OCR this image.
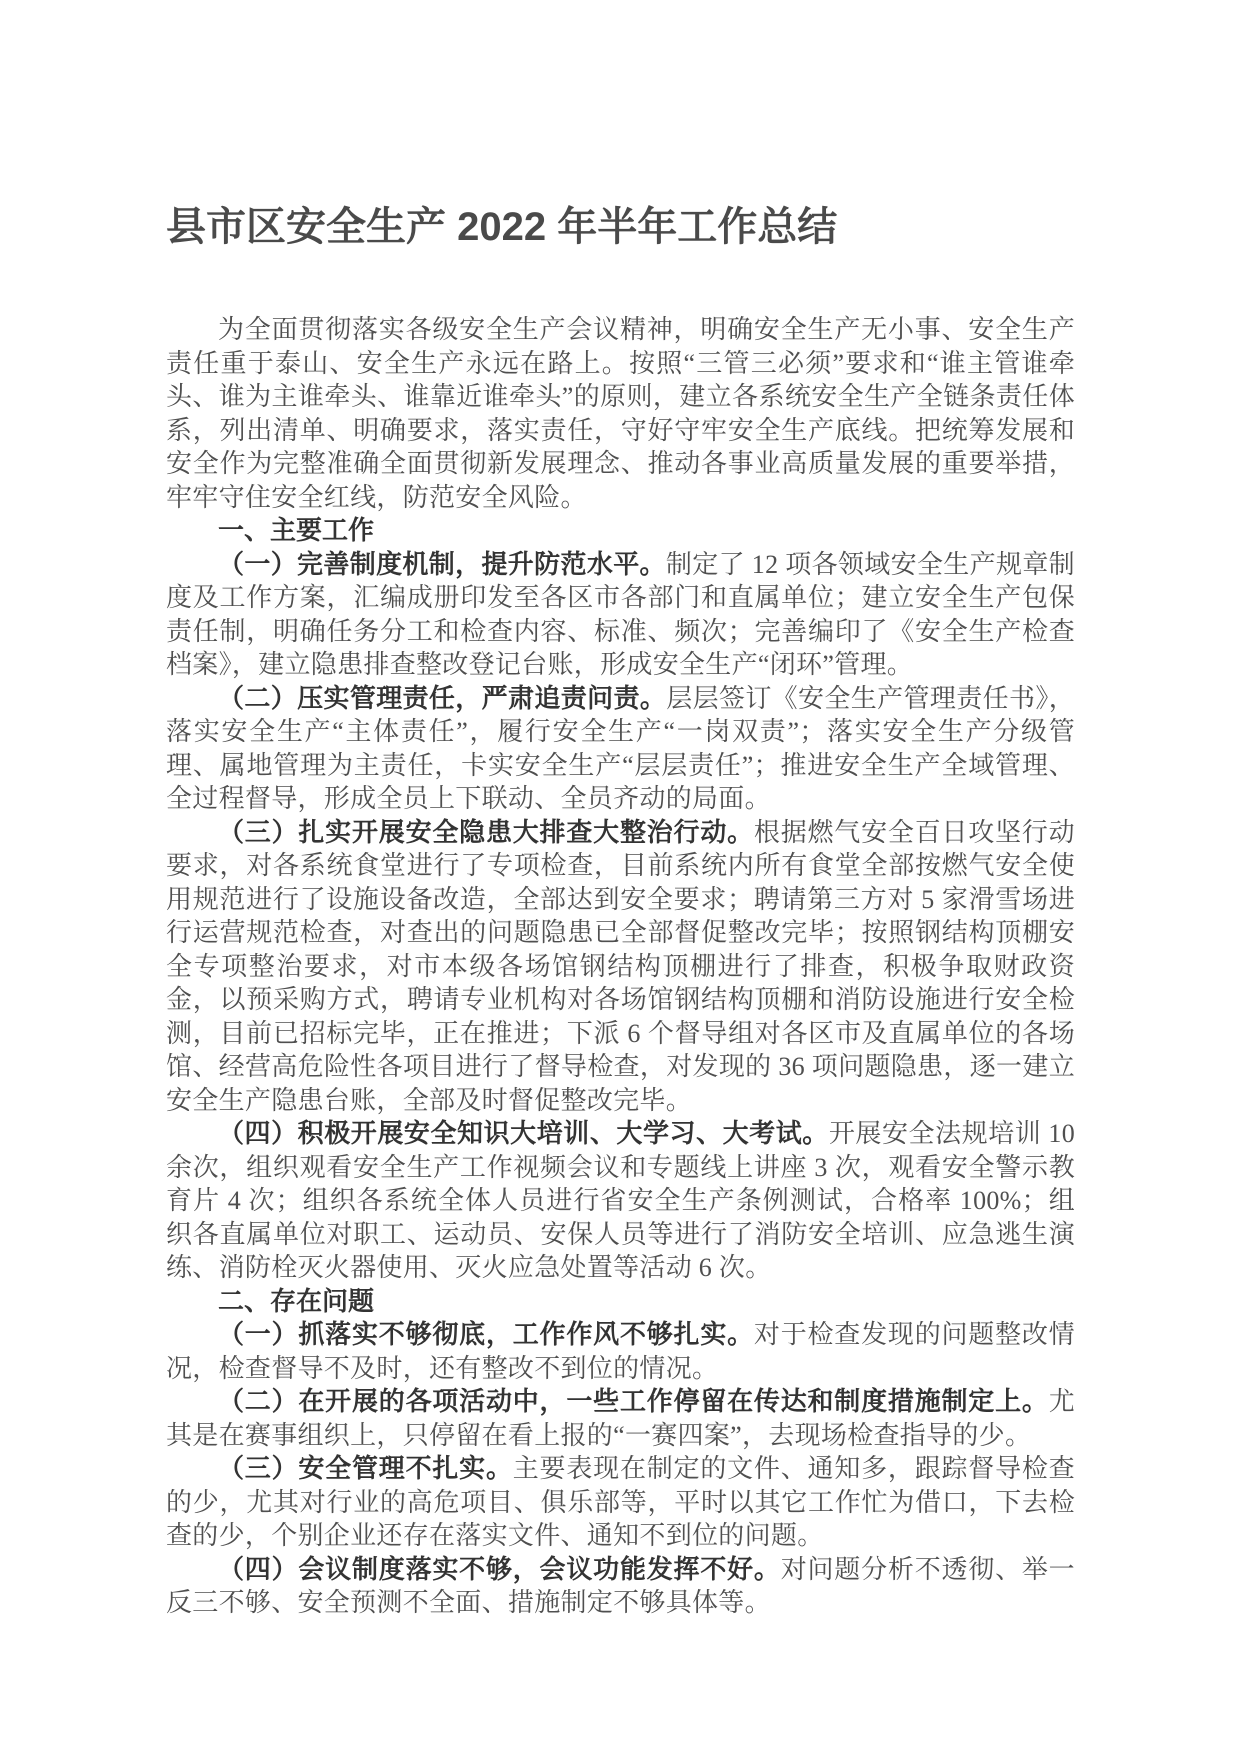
县市区安全生产 2022 年半年工作总结

为全面贯彻落实各级安全生产会议精神，明确安全生产无小事、安全生产责任重于泰山、安全生产永远在路上。按照“三管三必须”要求和“谁主管谁牵头、谁为主谁牵头、谁靠近谁牵头”的原则，建立各系统安全生产全链条责任体系，列出清单、明确要求，落实责任，守好守牢安全生产底线。把统筹发展和安全作为完整准确全面贯彻新发展理念、推动各事业高质量发展的重要举措，牢牢守住安全红线，防范安全风险。

一、主要工作

（一）完善制度机制，提升防范水平。制定了 12 项各领域安全生产规章制度及工作方案，汇编成册印发至各区市各部门和直属单位；建立安全生产包保责任制，明确任务分工和检查内容、标准、频次；完善编印了《安全生产检查档案》，建立隐患排查整改登记台账，形成安全生产“闭环”管理。

（二）压实管理责任，严肃追责问责。层层签订《安全生产管理责任书》，落实安全生产“主体责任”，履行安全生产“一岗双责”；落实安全生产分级管理、属地管理为主责任，卡实安全生产“层层责任”；推进安全生产全域管理、全过程督导，形成全员上下联动、全员齐动的局面。

（三）扎实开展安全隐患大排查大整治行动。根据燃气安全百日攻坚行动要求，对各系统食堂进行了专项检查，目前系统内所有食堂全部按燃气安全使用规范进行了设施设备改造，全部达到安全要求；聘请第三方对 5 家滑雪场进行运营规范检查，对查出的问题隐患已全部督促整改完毕；按照钢结构顶棚安全专项整治要求，对市本级各场馆钢结构顶棚进行了排查，积极争取财政资金，以预采购方式，聘请专业机构对各场馆钢结构顶棚和消防设施进行安全检测，目前已招标完毕，正在推进；下派 6 个督导组对各区市及直属单位的各场馆、经营高危险性各项目进行了督导检查，对发现的 36 项问题隐患，逐一建立安全生产隐患台账，全部及时督促整改完毕。

（四）积极开展安全知识大培训、大学习、大考试。开展安全法规培训 10 余次，组织观看安全生产工作视频会议和专题线上讲座 3 次，观看安全警示教育片 4 次；组织各系统全体人员进行省安全生产条例测试，合格率 100%；组织各直属单位对职工、运动员、安保人员等进行了消防安全培训、应急逃生演练、消防栓灭火器使用、灭火应急处置等活动 6 次。

二、存在问题

（一）抓落实不够彻底，工作作风不够扎实。对于检查发现的问题整改情况，检查督导不及时，还有整改不到位的情况。

（二）在开展的各项活动中，一些工作停留在传达和制度措施制定上。尤其是在赛事组织上，只停留在看上报的“一赛四案”，去现场检查指导的少。

（三）安全管理不扎实。主要表现在制定的文件、通知多，跟踪督导检查的少，尤其对行业的高危项目、俱乐部等，平时以其它工作忙为借口，下去检查的少，个别企业还存在落实文件、通知不到位的问题。

（四）会议制度落实不够，会议功能发挥不好。对问题分析不透彻、举一反三不够、安全预测不全面、措施制定不够具体等。
